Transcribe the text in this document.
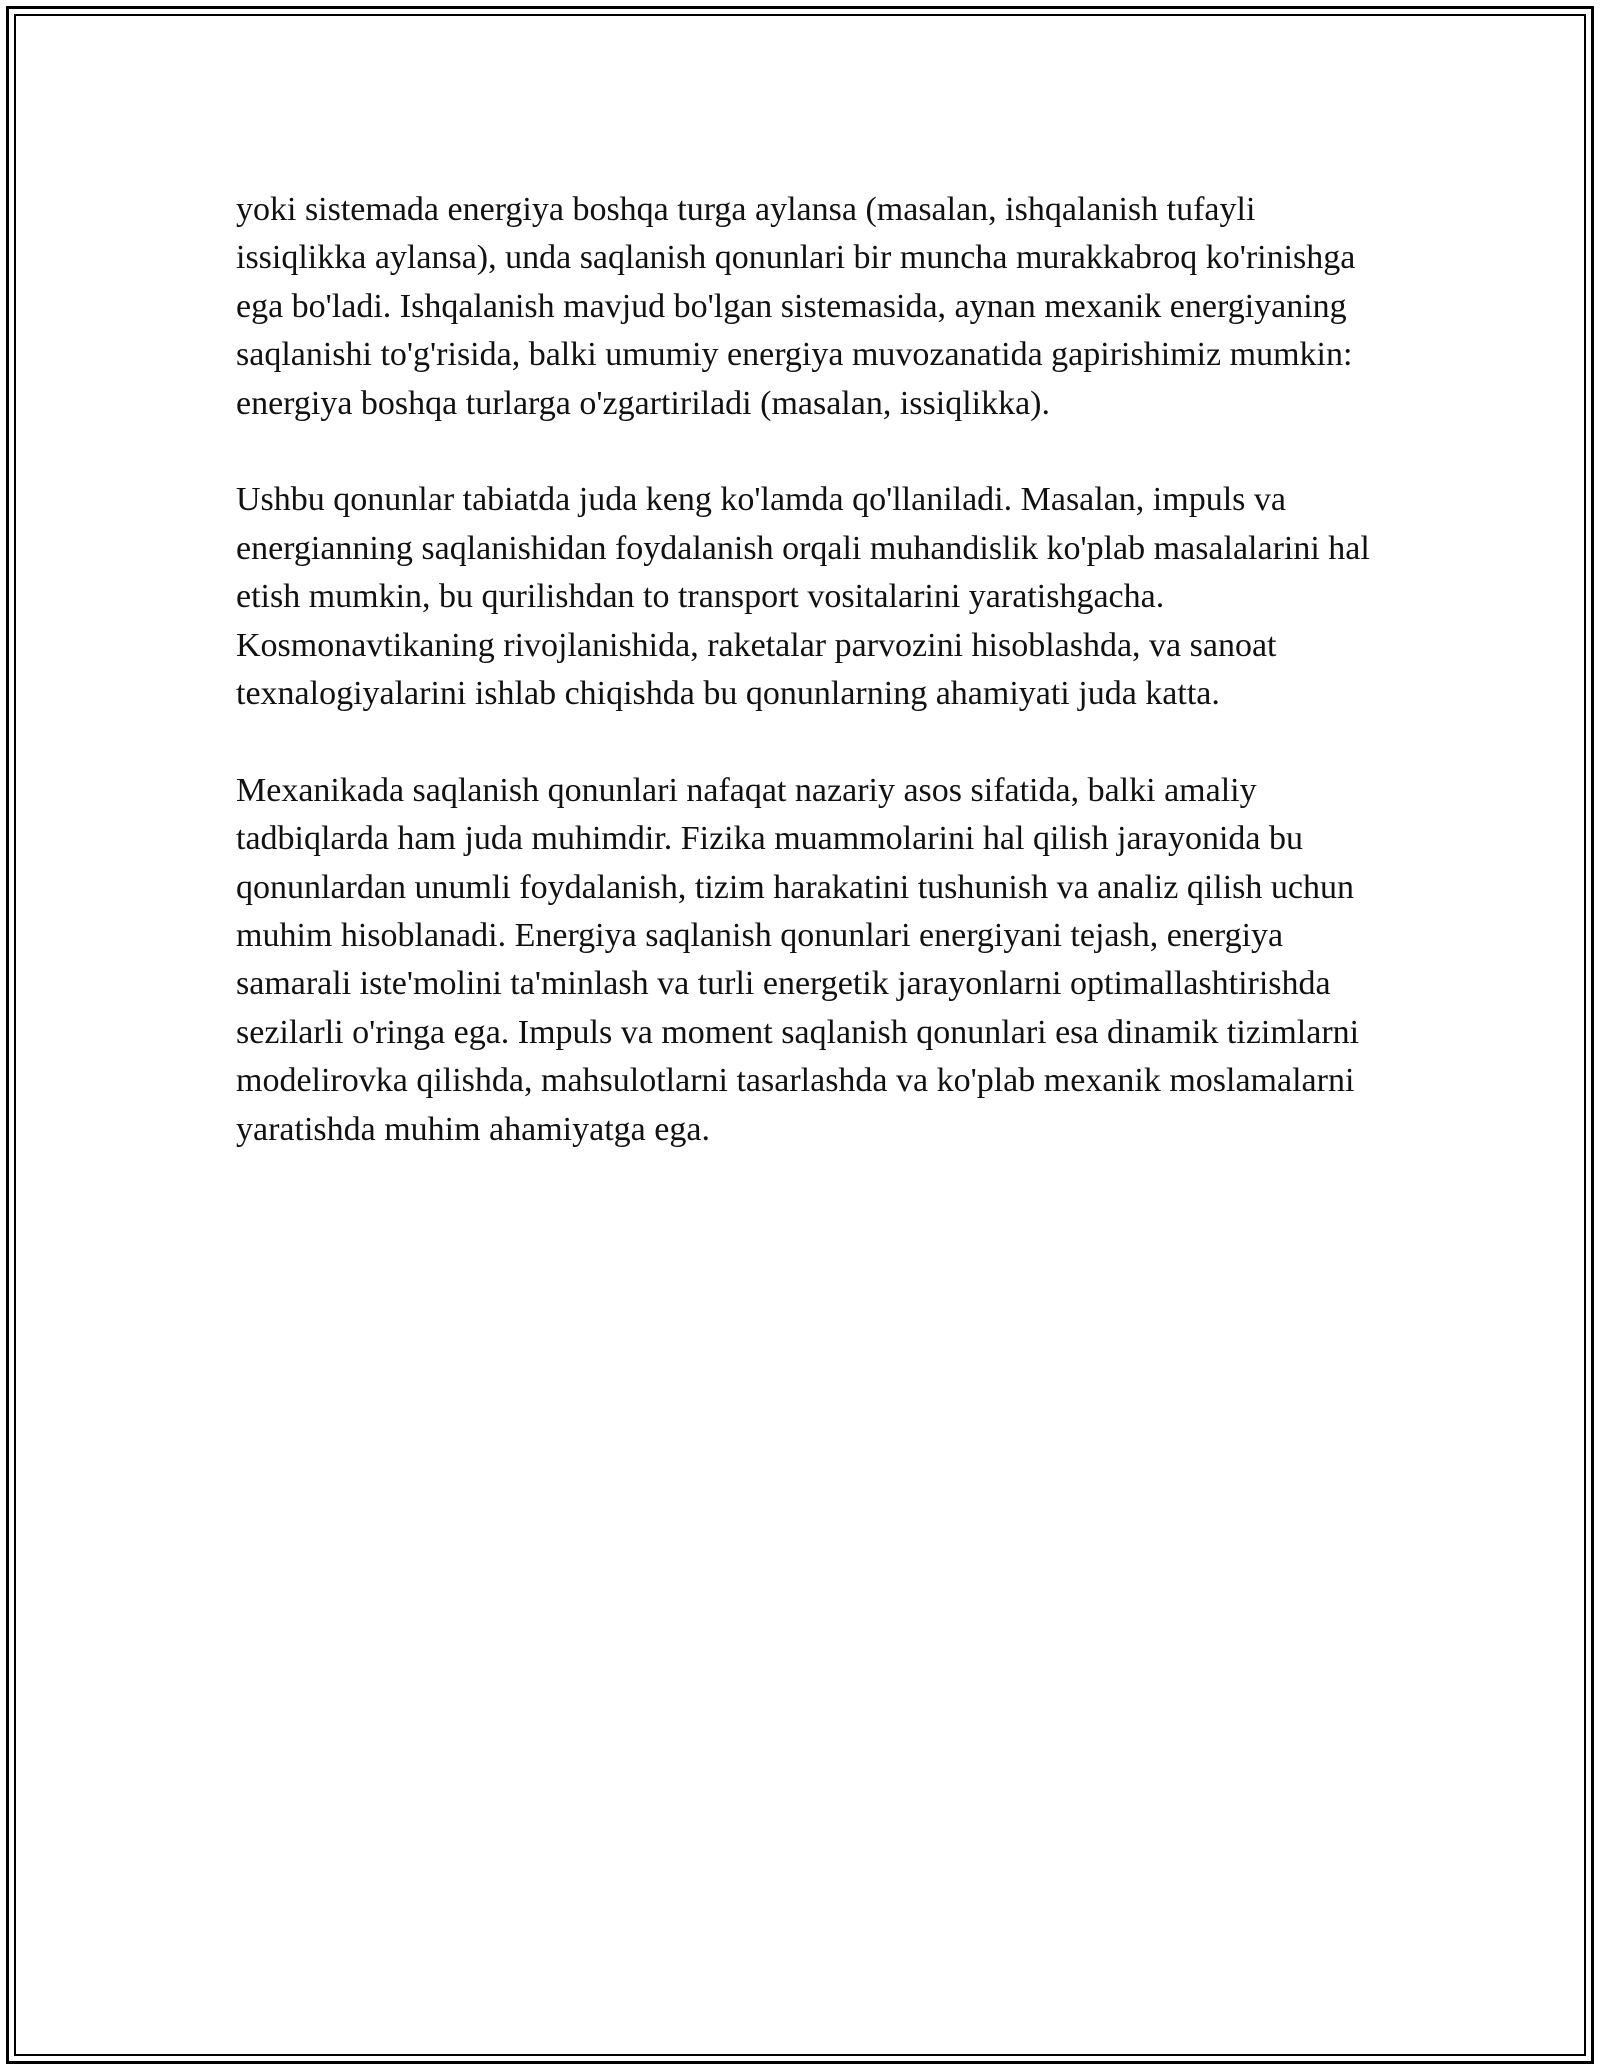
yoki sistemada energiya boshqa turga aylansa (masalan, ishqalanish tufayli issiqlikka aylansa), unda saqlanish qonunlari bir muncha murakkabroq ko'rinishga ega bo'ladi. Ishqalanish mavjud bo'lgan sistemasida, aynan mexanik energiyaning saqlanishi to'g'risida, balki umumiy energiya muvozanatida gapirishimiz mumkin: energiya boshqa turlarga o'zgartiriladi (masalan, issiqlikka).

Ushbu qonunlar tabiatda juda keng ko'lamda qo'llaniladi. Masalan, impuls va energianning saqlanishidan foydalanish orqali muhandislik ko'plab masalalarini hal etish mumkin, bu qurilishdan to transport vositalarini yaratishgacha. Kosmonavtikaning rivojlanishida, raketalar parvozini hisoblashda, va sanoat texnalogiyalarini ishlab chiqishda bu qonunlarning ahamiyati juda katta.

Mexanikada saqlanish qonunlari nafaqat nazariy asos sifatida, balki amaliy tadbiqlarda ham juda muhimdir. Fizika muammolarini hal qilish jarayonida bu qonunlardan unumli foydalanish, tizim harakatini tushunish va analiz qilish uchun muhim hisoblanadi. Energiya saqlanish qonunlari energiyani tejash, energiya samarali iste'molini ta'minlash va turli energetik jarayonlarni optimallashtirishda sezilarli o'ringa ega. Impuls va moment saqlanish qonunlari esa dinamik tizimlarni modelirovka qilishda, mahsulotlarni tasarlashda va ko'plab mexanik moslamalarni yaratishda muhim ahamiyatga ega.
